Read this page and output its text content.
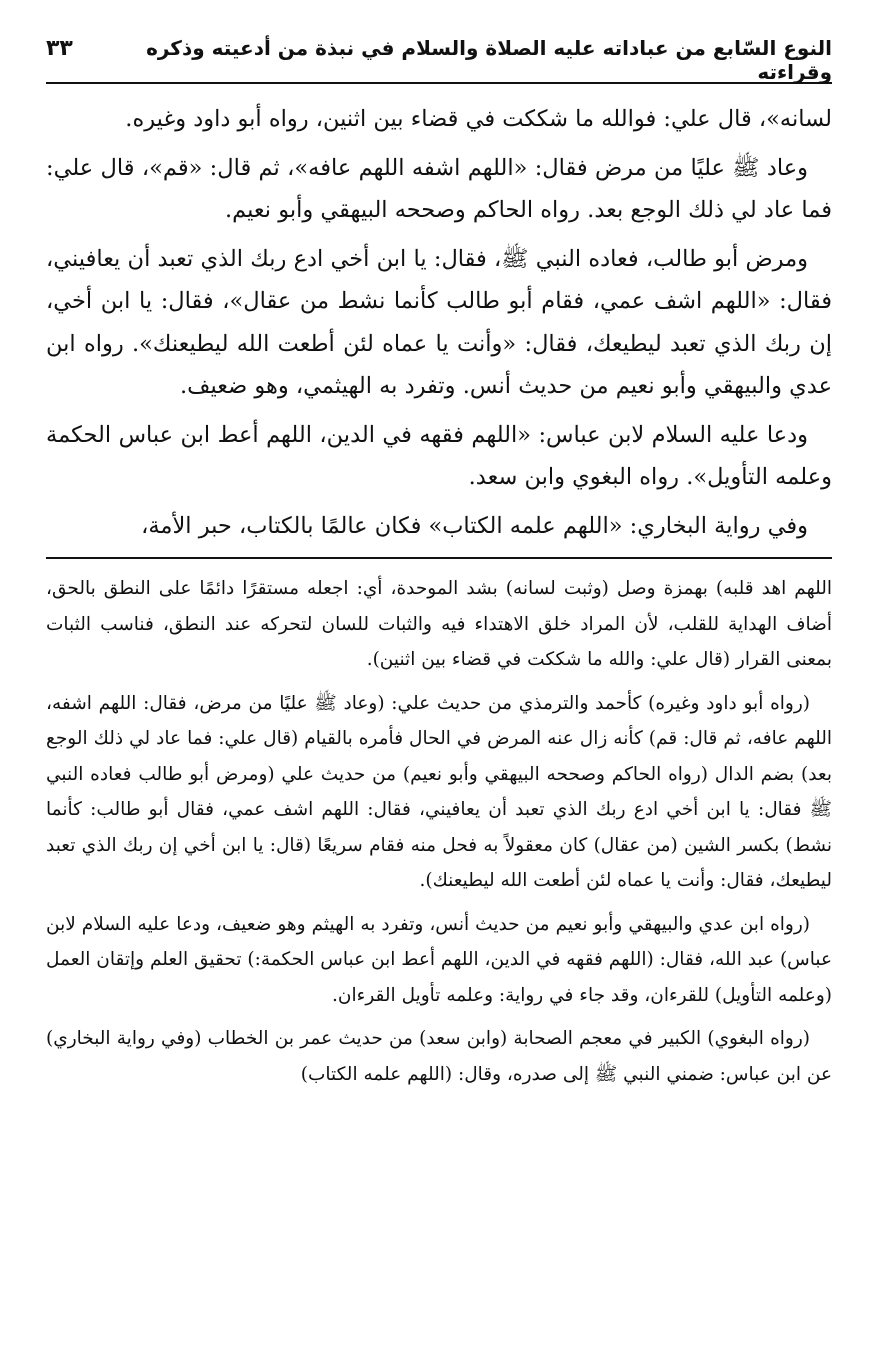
النوع السّابع من عباداته عليه الصلاة والسلام في نبذة من أدعيته وذكره وقراءته
٣٣

لسانه»، قال علي: فوالله ما شككت في قضاء بين اثنين، رواه أبو داود وغيره.

وعاد ﷺ عليًا من مرض فقال: «اللهم اشفه اللهم عافه»، ثم قال: «قم»، قال علي: فما عاد لي ذلك الوجع بعد. رواه الحاكم وصححه البيهقي وأبو نعيم.

ومرض أبو طالب، فعاده النبي ﷺ، فقال: يا ابن أخي ادع ربك الذي تعبد أن يعافيني، فقال: «اللهم اشف عمي، فقام أبو طالب كأنما نشط من عقال»، فقال: يا ابن أخي، إن ربك الذي تعبد ليطيعك، فقال: «وأنت يا عماه لئن أطعت الله ليطيعنك». رواه ابن عدي والبيهقي وأبو نعيم من حديث أنس. وتفرد به الهيثمي، وهو ضعيف.

ودعا عليه السلام لابن عباس: «اللهم فقهه في الدين، اللهم أعط ابن عباس الحكمة وعلمه التأويل». رواه البغوي وابن سعد.

وفي رواية البخاري: «اللهم علمه الكتاب» فكان عالمًا بالكتاب، حبر الأمة،

اللهم اهد قلبه) بهمزة وصل (وثبت لسانه) بشد الموحدة، أي: اجعله مستقرًا دائمًا على النطق بالحق، أضاف الهداية للقلب، لأن المراد خلق الاهتداء فيه والثبات للسان لتحركه عند النطق، فناسب الثبات بمعنى القرار (قال علي: والله ما شككت في قضاء بين اثنين).

(رواه أبو داود وغيره) كأحمد والترمذي من حديث علي: (وعاد ﷺ عليًا من مرض، فقال: اللهم اشفه، اللهم عافه، ثم قال: قم) كأنه زال عنه المرض في الحال فأمره بالقيام (قال علي: فما عاد لي ذلك الوجع بعد) بضم الدال (رواه الحاكم وصححه البيهقي وأبو نعيم) من حديث علي (ومرض أبو طالب فعاده النبي ﷺ فقال: يا ابن أخي ادع ربك الذي تعبد أن يعافيني، فقال: اللهم اشف عمي، فقال أبو طالب: كأنما نشط) بكسر الشين (من عقال) كان معقولاً به فحل منه فقام سريعًا (قال: يا ابن أخي إن ربك الذي تعبد ليطيعك، فقال: وأنت يا عماه لئن أطعت الله ليطيعنك).

(رواه ابن عدي والبيهقي وأبو نعيم من حديث أنس، وتفرد به الهيثم وهو ضعيف، ودعا عليه السلام لابن عباس) عبد الله، فقال: (اللهم فقهه في الدين، اللهم أعط ابن عباس الحكمة:) تحقيق العلم وإتقان العمل (وعلمه التأويل) للقرءان، وقد جاء في رواية: وعلمه تأويل القرءان.

(رواه البغوي) الكبير في معجم الصحابة (وابن سعد) من حديث عمر بن الخطاب (وفي رواية البخاري) عن ابن عباس: ضمني النبي ﷺ إلى صدره، وقال: (اللهم علمه الكتاب)
